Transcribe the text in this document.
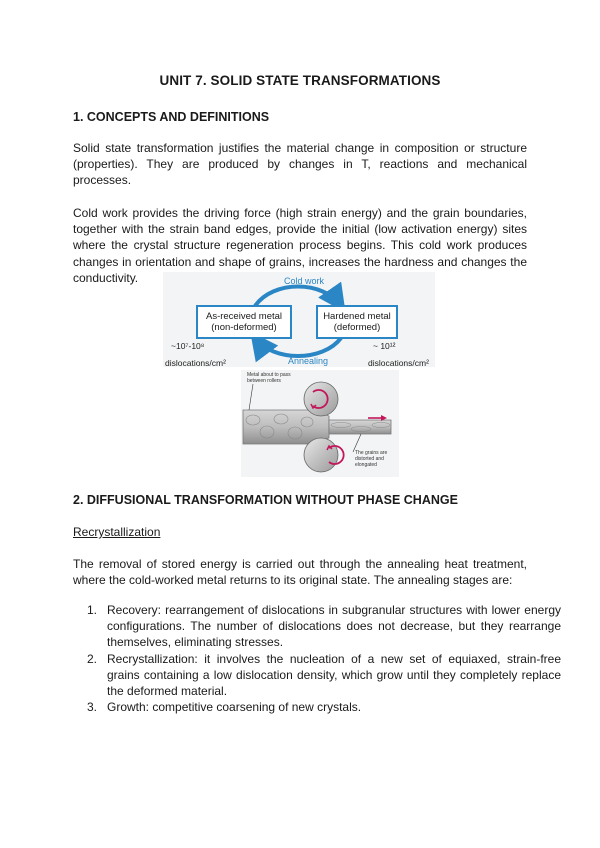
UNIT 7. SOLID STATE TRANSFORMATIONS
1. CONCEPTS AND DEFINITIONS
Solid state transformation justifies the material change in composition or structure (properties). They are produced by changes in T, reactions and mechanical processes.
Cold work provides the driving force (high strain energy) and the grain boundaries, together with the strain band edges, provide the initial (low activation energy) sites where the crystal structure regeneration process begins. This cold work produces changes in orientation and shape of grains, increases the hardness and changes the conductivity.	Cold work
Annealing
As-received metal
(non-deformed)
Hardened metal
(deformed)
~10⁷-10⁸
dislocations/cm²
~ 10¹²
dislocations/cm²
Metal about to pass between rollers
The grains are distorted and elongated
2. DIFFUSIONAL TRANSFORMATION WITHOUT PHASE CHANGE
Recrystallization
The removal of stored energy is carried out through the annealing heat treatment, where the cold-worked metal returns to its original state. The annealing stages are:
1. Recovery: rearrangement of dislocations in subgranular structures with lower energy configurations. The number of dislocations does not decrease, but they rearrange themselves, eliminating stresses.
2. Recrystallization: it involves the nucleation of a new set of equiaxed, strain-free grains containing a low dislocation density, which grow until they completely replace the deformed material.
3. Growth: competitive coarsening of new crystals.
